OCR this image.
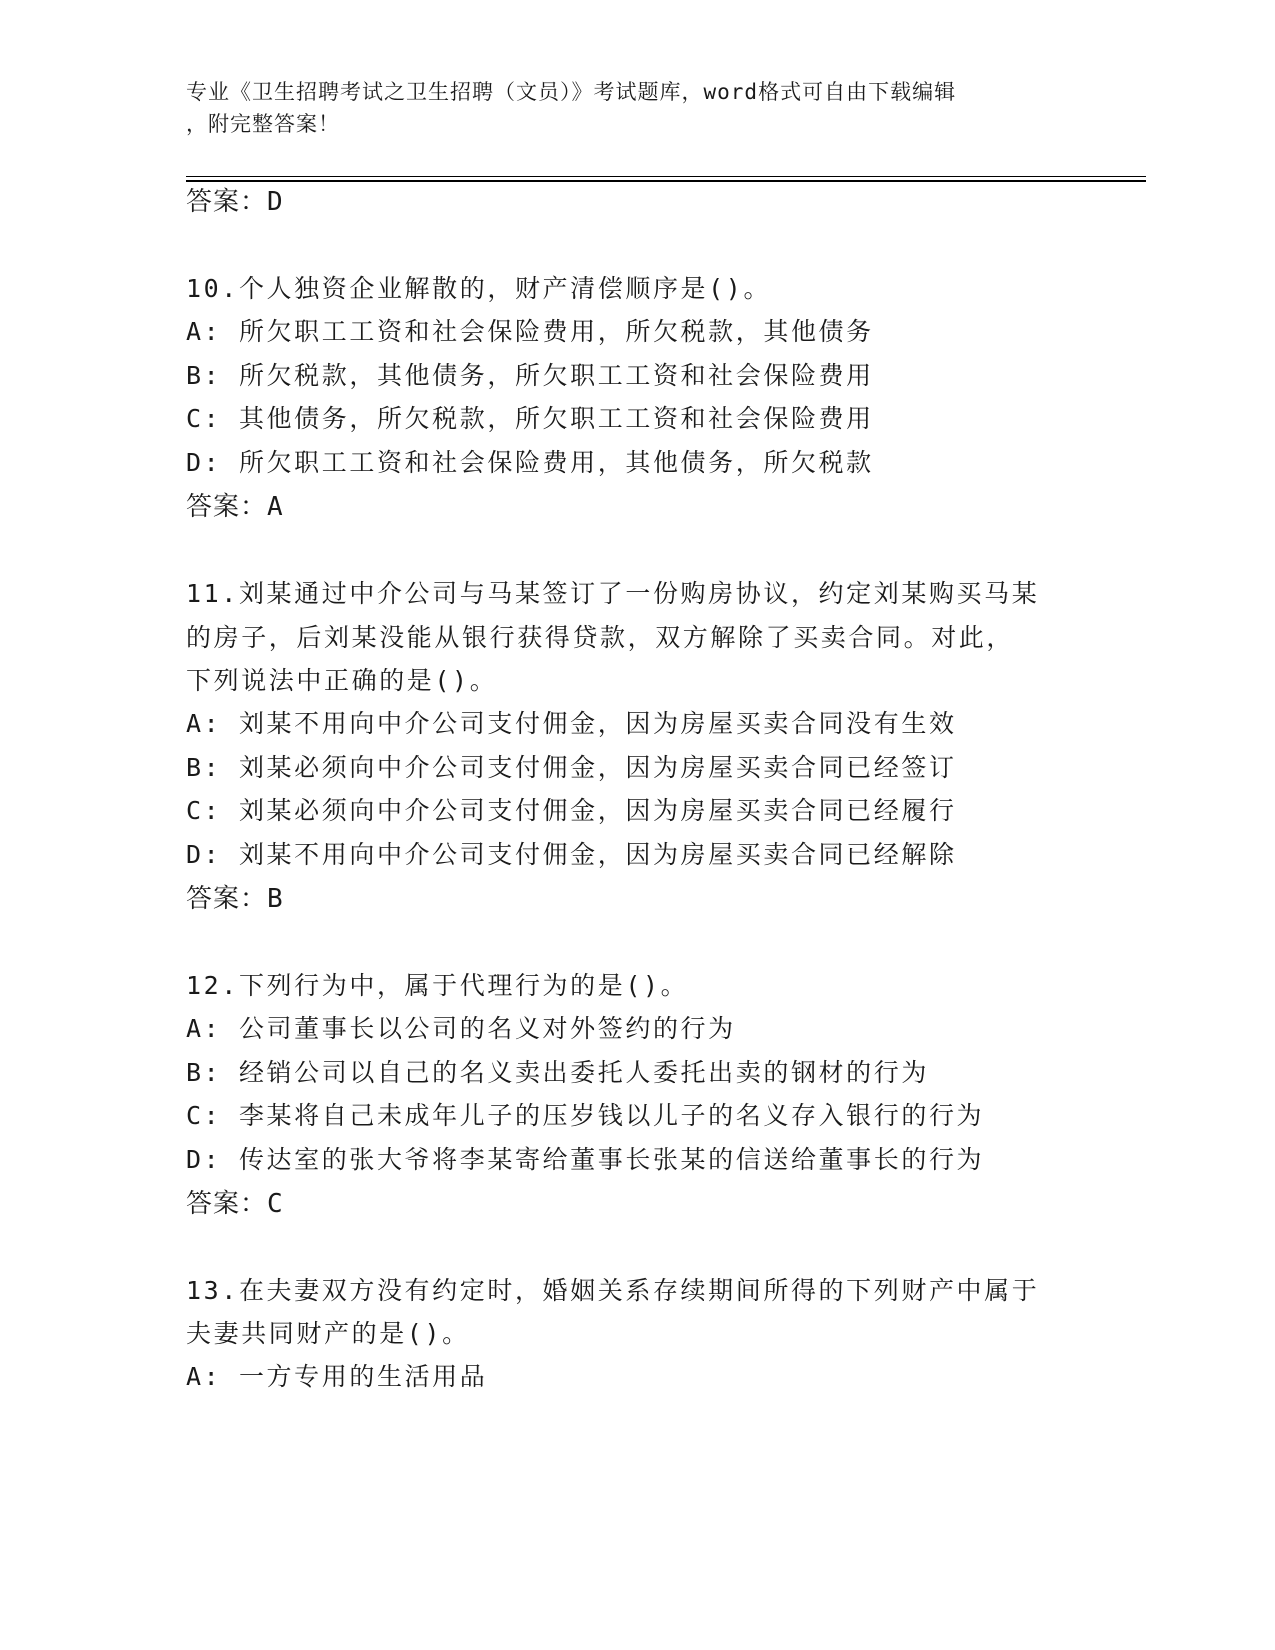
专业《卫生招聘考试之卫生招聘（文员）》考试题库，word格式可自由下载编辑
，附完整答案！
答案：D
10.个人独资企业解散的，财产清偿顺序是()。
A: 所欠职工工资和社会保险费用，所欠税款，其他债务
B: 所欠税款，其他债务，所欠职工工资和社会保险费用
C: 其他债务，所欠税款，所欠职工工资和社会保险费用
D: 所欠职工工资和社会保险费用，其他债务，所欠税款
答案：A
11.刘某通过中介公司与马某签订了一份购房协议，约定刘某购买马某
的房子，后刘某没能从银行获得贷款，双方解除了买卖合同。对此，
下列说法中正确的是()。
A: 刘某不用向中介公司支付佣金，因为房屋买卖合同没有生效
B: 刘某必须向中介公司支付佣金，因为房屋买卖合同已经签订
C: 刘某必须向中介公司支付佣金，因为房屋买卖合同已经履行
D: 刘某不用向中介公司支付佣金，因为房屋买卖合同已经解除
答案：B
12.下列行为中，属于代理行为的是()。
A: 公司董事长以公司的名义对外签约的行为
B: 经销公司以自己的名义卖出委托人委托出卖的钢材的行为
C: 李某将自己未成年儿子的压岁钱以儿子的名义存入银行的行为
D: 传达室的张大爷将李某寄给董事长张某的信送给董事长的行为
答案：C
13.在夫妻双方没有约定时，婚姻关系存续期间所得的下列财产中属于
夫妻共同财产的是()。
A: 一方专用的生活用品
